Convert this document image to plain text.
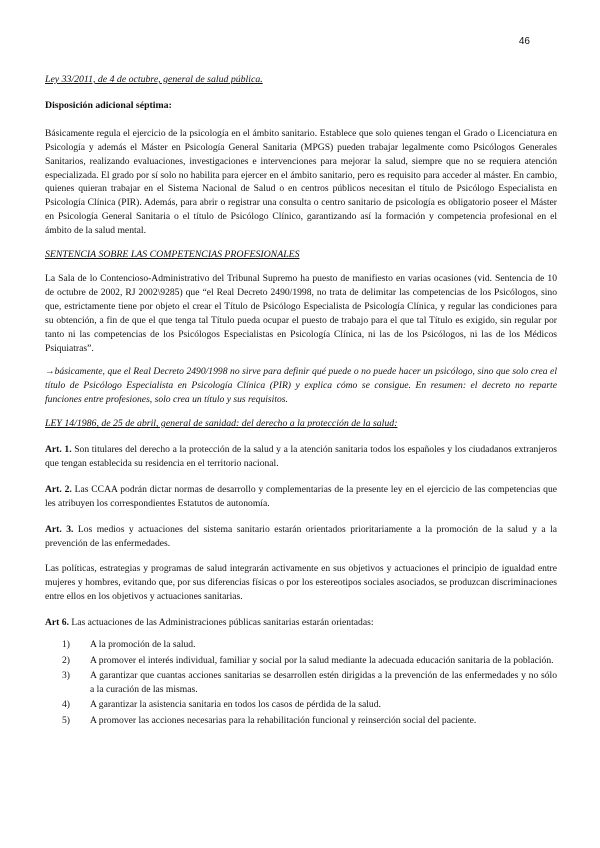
46

Ley 33/2011, de 4 de octubre, general de salud pública.

Disposición adicional séptima:

Básicamente regula el ejercicio de la psicología en el ámbito sanitario. Establece que solo quienes tengan el Grado o Licenciatura en Psicología y además el Máster en Psicología General Sanitaria (MPGS) pueden trabajar legalmente como Psicólogos Generales Sanitarios, realizando evaluaciones, investigaciones e intervenciones para mejorar la salud, siempre que no se requiera atención especializada. El grado por sí solo no habilita para ejercer en el ámbito sanitario, pero es requisito para acceder al máster. En cambio, quienes quieran trabajar en el Sistema Nacional de Salud o en centros públicos necesitan el título de Psicólogo Especialista en Psicología Clínica (PIR). Además, para abrir o registrar una consulta o centro sanitario de psicología es obligatorio poseer el Máster en Psicología General Sanitaria o el título de Psicólogo Clínico, garantizando así la formación y competencia profesional en el ámbito de la salud mental.

SENTENCIA SOBRE LAS COMPETENCIAS PROFESIONALES

La Sala de lo Contencioso-Administrativo del Tribunal Supremo ha puesto de manifiesto en varias ocasiones (vid. Sentencia de 10 de octubre de 2002, RJ 2002\9285) que “el Real Decreto 2490/1998, no trata de delimitar las competencias de los Psicólogos, sino que, estrictamente tiene por objeto el crear el Título de Psicólogo Especialista de Psicología Clínica, y regular las condiciones para su obtención, a fin de que el que tenga tal Título pueda ocupar el puesto de trabajo para el que tal Título es exigido, sin regular por tanto ni las competencias de los Psicólogos Especialistas en Psicología Clínica, ni las de los Psicólogos, ni las de los Médicos Psiquiatras”.

→básicamente, que el Real Decreto 2490/1998 no sirve para definir qué puede o no puede hacer un psicólogo, sino que solo crea el título de Psicólogo Especialista en Psicología Clínica (PIR) y explica cómo se consigue. En resumen: el decreto no reparte funciones entre profesiones, solo crea un título y sus requisitos.

LEY 14/1986, de 25 de abril, general de sanidad: del derecho a la protección de la salud:

Art. 1. Son titulares del derecho a la protección de la salud y a la atención sanitaria todos los españoles y los ciudadanos extranjeros que tengan establecida su residencia en el territorio nacional.

Art. 2. Las CCAA podrán dictar normas de desarrollo y complementarias de la presente ley en el ejercicio de las competencias que les atribuyen los correspondientes Estatutos de autonomía.

Art. 3. Los medios y actuaciones del sistema sanitario estarán orientados prioritariamente a la promoción de la salud y a la prevención de las enfermedades.

Las políticas, estrategias y programas de salud integrarán activamente en sus objetivos y actuaciones el principio de igualdad entre mujeres y hombres, evitando que, por sus diferencias físicas o por los estereotipos sociales asociados, se produzcan discriminaciones entre ellos en los objetivos y actuaciones sanitarias.

Art 6. Las actuaciones de las Administraciones públicas sanitarias estarán orientadas:

1)	A la promoción de la salud.
2)	A promover el interés individual, familiar y social por la salud mediante la adecuada educación sanitaria de la población.
3)	A garantizar que cuantas acciones sanitarias se desarrollen estén dirigidas a la prevención de las enfermedades y no sólo a la curación de las mismas.
4)	A garantizar la asistencia sanitaria en todos los casos de pérdida de la salud.
5)	A promover las acciones necesarias para la rehabilitación funcional y reinserción social del paciente.
